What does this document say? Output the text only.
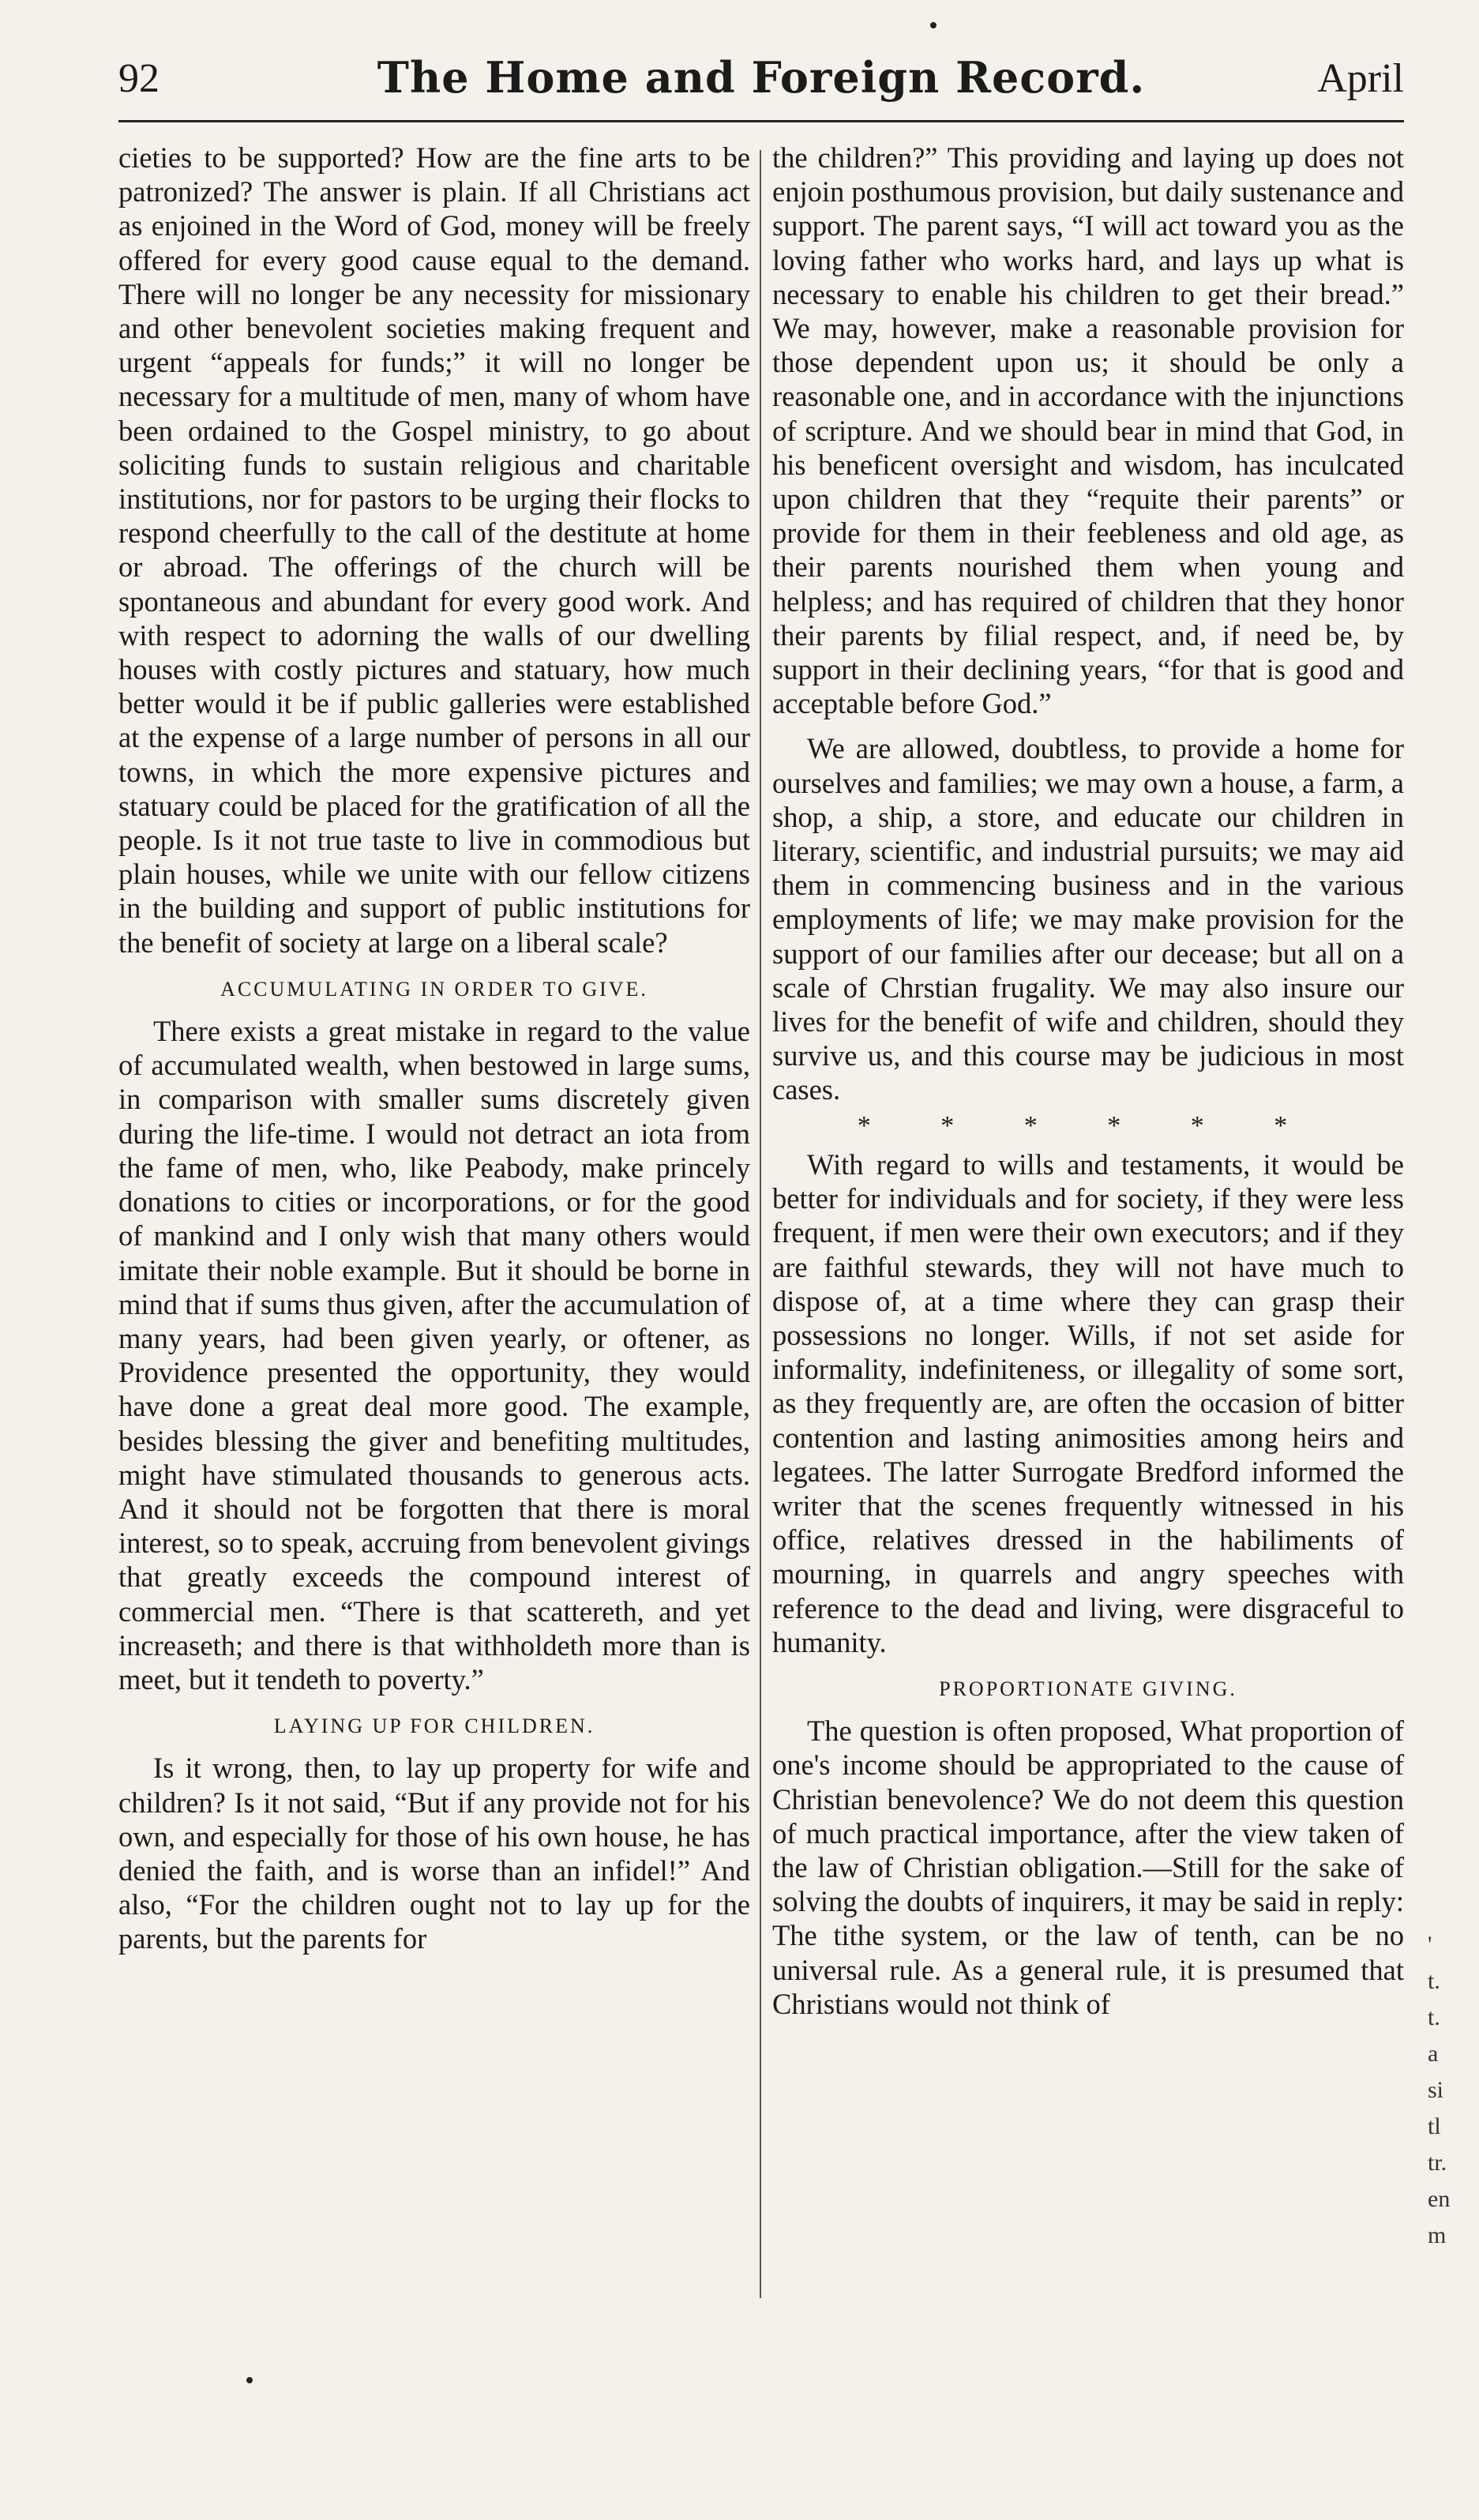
92	The Home and Foreign Record.	April

cieties to be supported? How are the fine arts to be patronized? The answer is plain. If all Christians act as enjoined in the Word of God, money will be freely offered for every good cause equal to the demand. There will no longer be any necessity for missionary and other benevolent societies making frequent and urgent “appeals for funds;” it will no longer be necessary for a multitude of men, many of whom have been ordained to the Gospel ministry, to go about soliciting funds to sustain religious and charitable institutions, nor for pastors to be urging their flocks to respond cheerfully to the call of the destitute at home or abroad. The offerings of the church will be spontaneous and abundant for every good work. And with respect to adorning the walls of our dwelling houses with costly pictures and statuary, how much better would it be if public galleries were established at the expense of a large number of persons in all our towns, in which the more expensive pictures and statuary could be placed for the gratification of all the people. Is it not true taste to live in commodious but plain houses, while we unite with our fellow citizens in the building and support of public institutions for the benefit of society at large on a liberal scale?

ACCUMULATING IN ORDER TO GIVE.

There exists a great mistake in regard to the value of accumulated wealth, when bestowed in large sums, in comparison with smaller sums discretely given during the life-time. I would not detract an iota from the fame of men, who, like Peabody, make princely donations to cities or incorporations, or for the good of mankind and I only wish that many others would imitate their noble example. But it should be borne in mind that if sums thus given, after the accumulation of many years, had been given yearly, or oftener, as Providence presented the opportunity, they would have done a great deal more good. The example, besides blessing the giver and benefiting multitudes, might have stimulated thousands to generous acts. And it should not be forgotten that there is moral interest, so to speak, accruing from benevolent givings that greatly exceeds the compound interest of commercial men. “There is that scattereth, and yet increaseth; and there is that withholdeth more than is meet, but it tendeth to poverty.”

LAYING UP FOR CHILDREN.

Is it wrong, then, to lay up property for wife and children? Is it not said, “But if any provide not for his own, and especially for those of his own house, he has denied the faith, and is worse than an infidel!” And also, “For the children ought not to lay up for the parents, but the parents for

the children?” This providing and laying up does not enjoin posthumous provision, but daily sustenance and support. The parent says, “I will act toward you as the loving father who works hard, and lays up what is necessary to enable his children to get their bread.” We may, however, make a reasonable provision for those dependent upon us; it should be only a reasonable one, and in accordance with the injunctions of scripture. And we should bear in mind that God, in his beneficent oversight and wisdom, has inculcated upon children that they “requite their parents” or provide for them in their feebleness and old age, as their parents nourished them when young and helpless; and has required of children that they honor their parents by filial respect, and, if need be, by support in their declining years, “for that is good and acceptable before God.”

We are allowed, doubtless, to provide a home for ourselves and families; we may own a house, a farm, a shop, a ship, a store, and educate our children in literary, scientific, and industrial pursuits; we may aid them in commencing business and in the various employments of life; we may make provision for the support of our families after our decease; but all on a scale of Chrstian frugality. We may also insure our lives for the benefit of wife and children, should they survive us, and this course may be judicious in most cases.

* * * * * *

With regard to wills and testaments, it would be better for individuals and for society, if they were less frequent, if men were their own executors; and if they are faithful stewards, they will not have much to dispose of, at a time where they can grasp their possessions no longer. Wills, if not set aside for informality, indefiniteness, or illegality of some sort, as they frequently are, are often the occasion of bitter contention and lasting animosities among heirs and legatees. The latter Surrogate Bredford informed the writer that the scenes frequently witnessed in his office, relatives dressed in the habiliments of mourning, in quarrels and angry speeches with reference to the dead and living, were disgraceful to humanity.

PROPORTIONATE GIVING.

The question is often proposed, What proportion of one's income should be appropriated to the cause of Christian benevolence? We do not deem this question of much practical importance, after the view taken of the law of Christian obligation.—Still for the sake of solving the doubts of inquirers, it may be said in reply: The tithe system, or the law of tenth, can be no universal rule. As a general rule, it is presumed that Christians would not think of

'
t.
t.
a
si
tl
tr.
en
m
